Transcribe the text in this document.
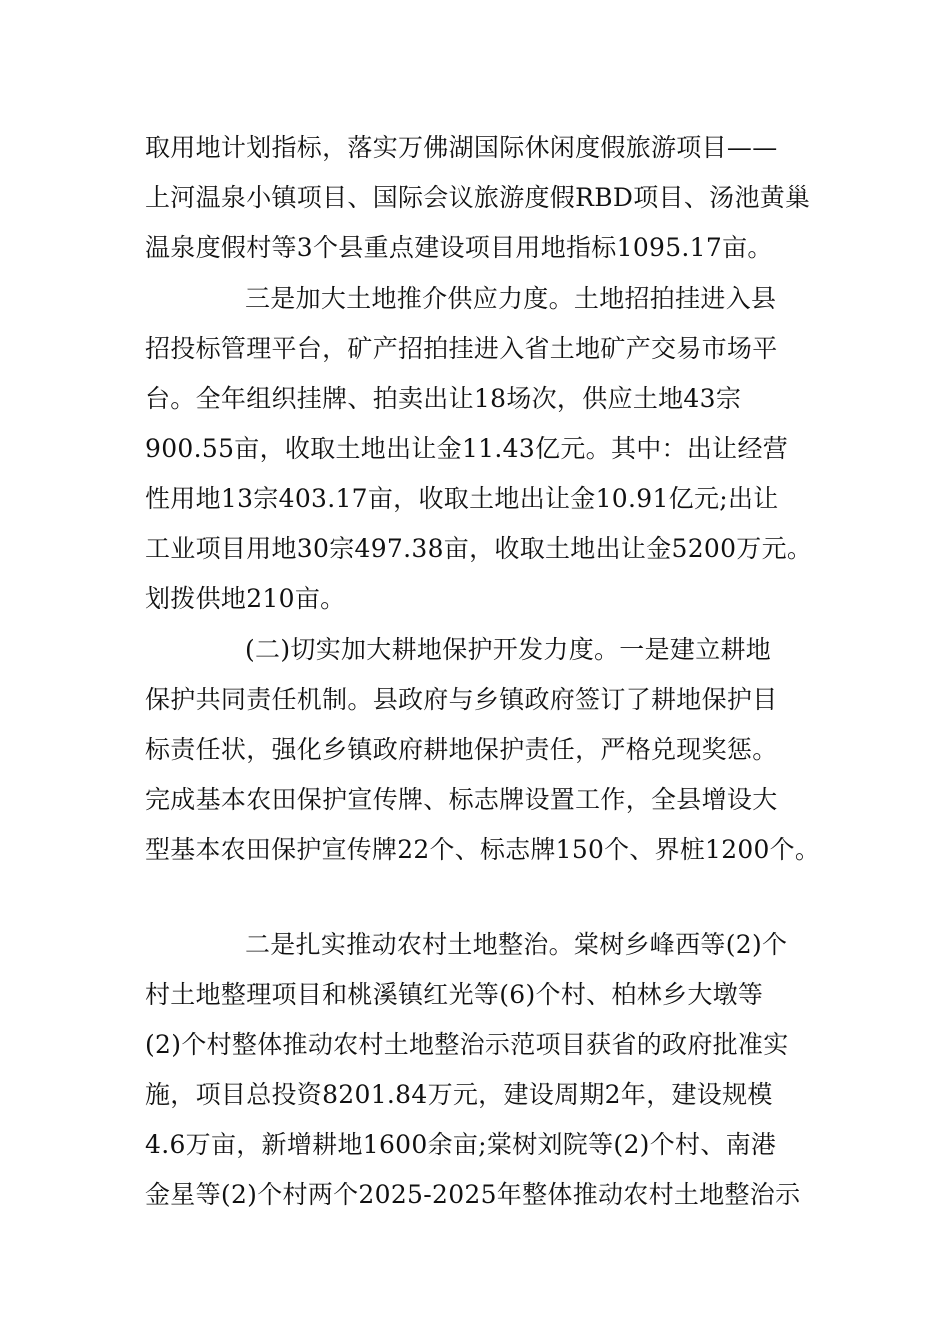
取用地计划指标，落实万佛湖国际休闲度假旅游项目——
上河温泉小镇项目、国际会议旅游度假RBD项目、汤池黄巢
温泉度假村等3个县重点建设项目用地指标1095.17亩。
三是加大土地推介供应力度。土地招拍挂进入县
招投标管理平台，矿产招拍挂进入省土地矿产交易市场平
台。全年组织挂牌、拍卖出让18场次，供应土地43宗
900.55亩，收取土地出让金11.43亿元。其中：出让经营
性用地13宗403.17亩，收取土地出让金10.91亿元;出让
工业项目用地30宗497.38亩，收取土地出让金5200万元。
划拨供地210亩。
(二)切实加大耕地保护开发力度。一是建立耕地
保护共同责任机制。县政府与乡镇政府签订了耕地保护目
标责任状，强化乡镇政府耕地保护责任，严格兑现奖惩。
完成基本农田保护宣传牌、标志牌设置工作，全县增设大
型基本农田保护宣传牌22个、标志牌150个、界桩1200个。
二是扎实推动农村土地整治。棠树乡峰西等(2)个
村土地整理项目和桃溪镇红光等(6)个村、柏林乡大墩等
(2)个村整体推动农村土地整治示范项目获省的政府批准实
施，项目总投资8201.84万元，建设周期2年，建设规模
4.6万亩，新增耕地1600余亩;棠树刘院等(2)个村、南港
金星等(2)个村两个2025-2025年整体推动农村土地整治示
